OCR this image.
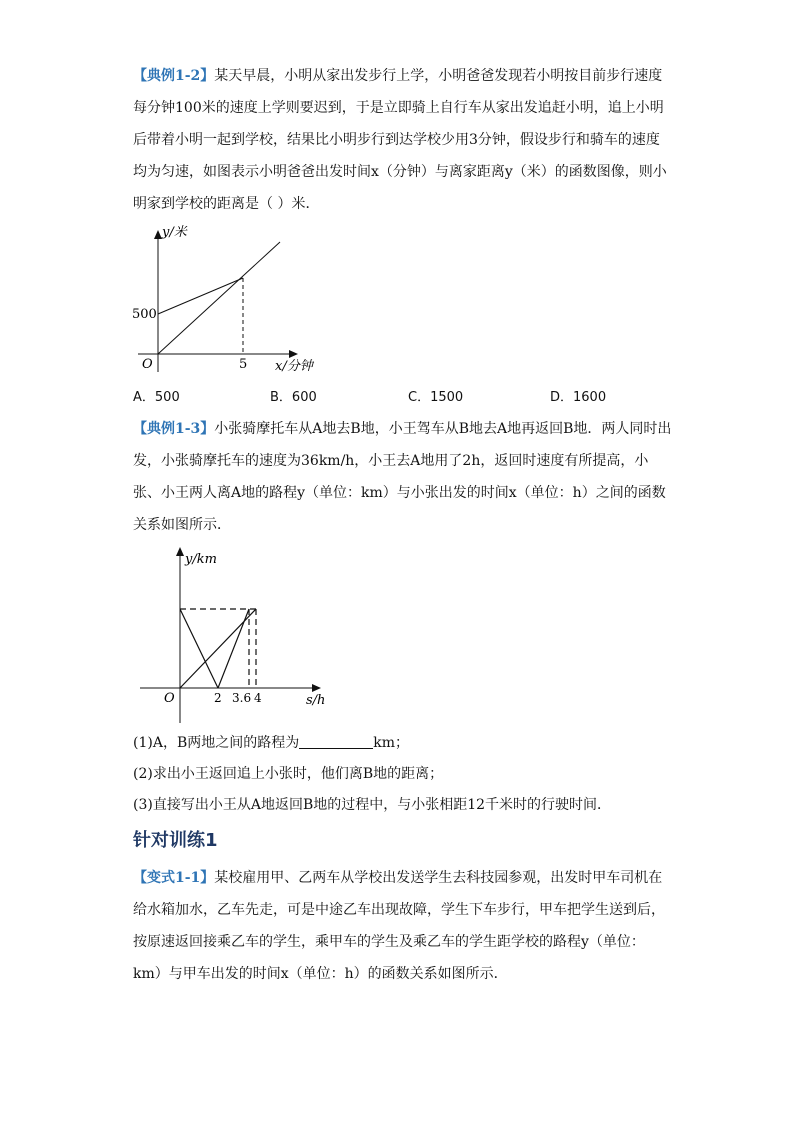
【典例1-2】某天早晨，小明从家出发步行上学，小明爸爸发现若小明按目前步行速度每分钟100米的速度上学则要迟到，于是立即骑上自行车从家出发追赶小明，追上小明后带着小明一起到学校，结果比小明步行到达学校少用3分钟，假设步行和骑车的速度均为匀速，如图表示小明爸爸出发时间x（分钟）与离家距离y（米）的函数图像，则小明家到学校的距离是（ ）米．

y/米
x/分钟
O
500
5
A．500	B．600	C．1500	D．1600

【典例1-3】小张骑摩托车从A地去B地，小王驾车从B地去A地再返回B地．两人同时出发，小张骑摩托车的速度为36km/h，小王去A地用了2h，返回时速度有所提高，小张、小王两人离A地的路程y（单位：km）与小张出发的时间x（单位：h）之间的函数关系如图所示．

y/km
s/h
O	2 3.6 4

(1)A，B两地之间的路程为	km；

(2)求出小王返回追上小张时，他们离B地的距离；

(3)直接写出小王从A地返回B地的过程中，与小张相距12千米时的行驶时间．

针对训练1

【变式1-1】某校雇用甲、乙两车从学校出发送学生去科技园参观，出发时甲车司机在给水箱加水，乙车先走，可是中途乙车出现故障，学生下车步行，甲车把学生送到后，按原速返回接乘乙车的学生，乘甲车的学生及乘乙车的学生距学校的路程y（单位：km）与甲车出发的时间x（单位：h）的函数关系如图所示．
